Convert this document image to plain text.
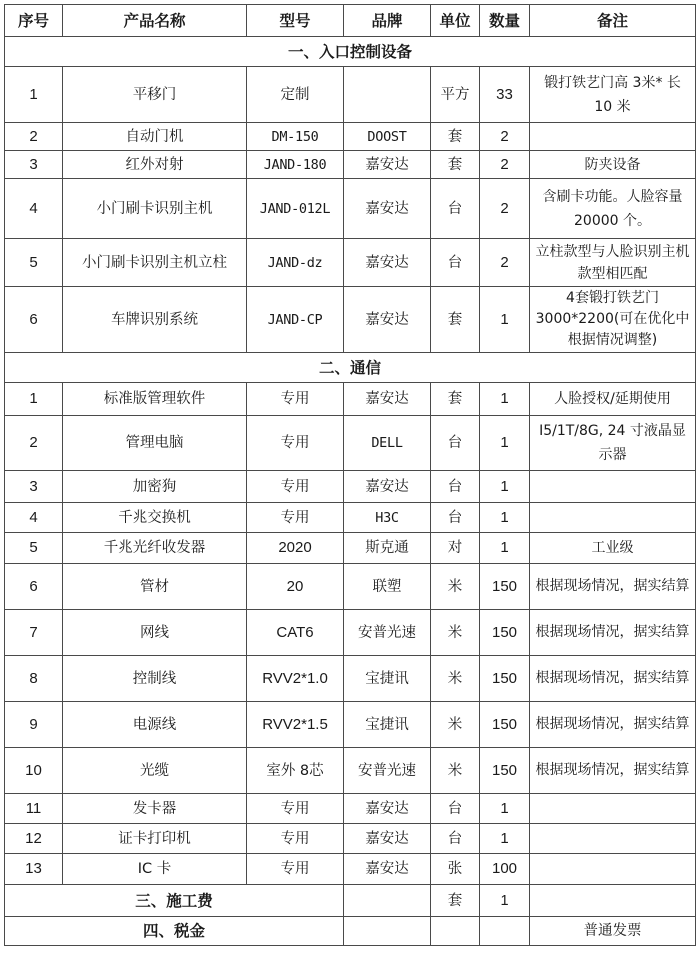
序号	产品名称	型号	品牌	单位	数量	备注
一、入口控制设备						
1	平移门	定制		平方	33	锻打铁艺门高 3米* 长 10 米
2	自动门机	DM-150	DOOST	套	2	
3	红外对射	JAND-180	嘉安达	套	2	防夹设备
4	小门刷卡识别主机	JAND-012L	嘉安达	台	2	含刷卡功能。人脸容量 20000 个。
5	小门刷卡识别主机立柱	JAND-dz	嘉安达	台	2	立柱款型与人脸识别主机款型相匹配
6	车牌识别系统	JAND-CP	嘉安达	套	1	4套锻打铁艺门 3000*2200(可在优化中根据情况调整)
二、通信						
1	标准版管理软件	专用	嘉安达	套	1	人脸授权/延期使用
2	管理电脑	专用	DELL	台	1	I5/1T/8G, 24 寸液晶显示器
3	加密狗	专用	嘉安达	台	1	
4	千兆交换机	专用	H3C	台	1	
5	千兆光纤收发器	2020	斯克通	对	1	工业级
6	管材	20	联塑	米	150	根据现场情况，据实结算
7	网线	CAT6	安普光速	米	150	根据现场情况，据实结算
8	控制线	RVV2*1.0	宝捷讯	米	150	根据现场情况，据实结算
9	电源线	RVV2*1.5	宝捷讯	米	150	根据现场情况，据实结算
10	光缆	室外 8芯	安普光速	米	150	根据现场情况，据实结算
11	发卡器	专用	嘉安达	台	1	
12	证卡打印机	专用	嘉安达	台	1	
13	IC 卡	专用	嘉安达	张	100	
三、施工费				套	1	
四、税金						普通发票
